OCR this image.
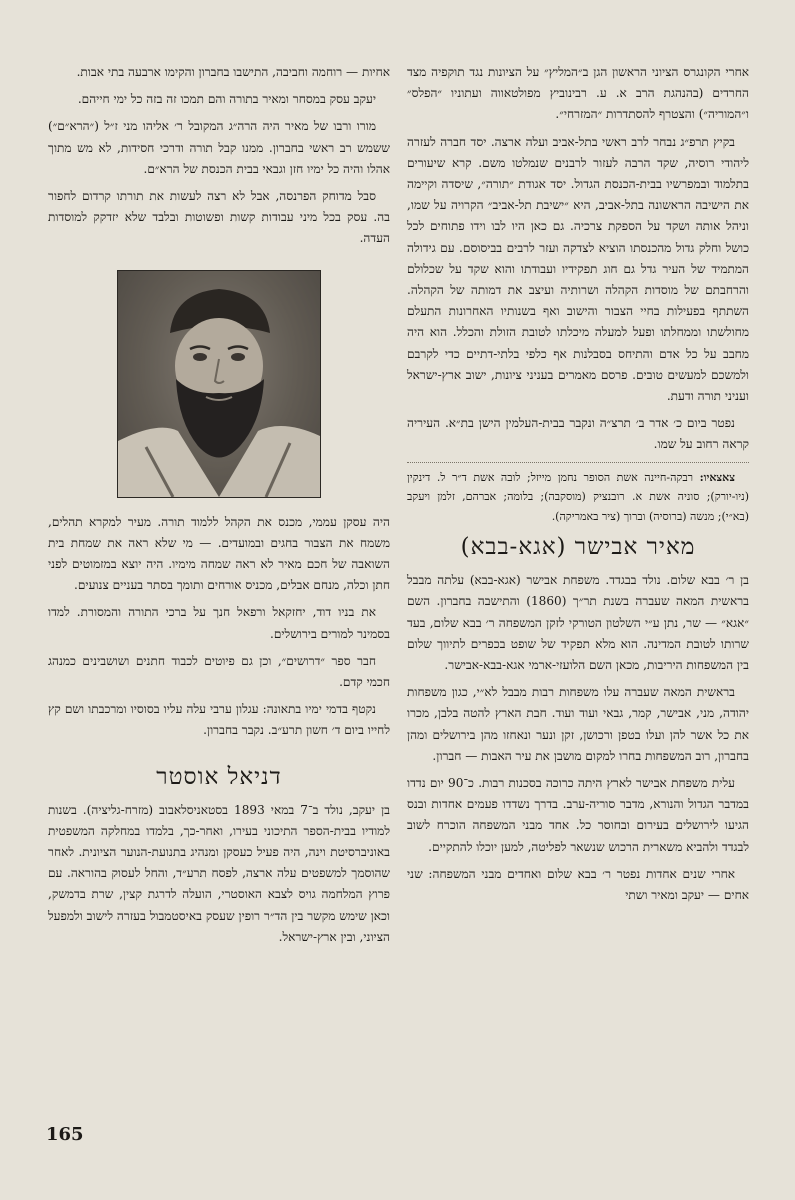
אחרי הקונגרס הציוני הראשון הגן ב״המליץ״ על הציונות נגד תוקפיה מצד החרדים (בהנהגת הרב א. ע. רבינוביץ מפולטאווה ועתוניו ״הפלס״ ו״המוריה״) והצטרף להסתדרות ״המזרחי״.

בקיץ תרפ״ג נבחר לרב ראשי בתל-אביב ועלה ארצה. יסד חברה לעזרה ליהודי רוסיה, שקד הרבה לעזור לרבנים שנמלטו משם. קרא שיעורים בתלמוד ובמפרשיו בבית-הכנסת הגדול. יסד אגודת ״תורה״, שיסדה וקיימה את הישיבה הראשונה בתל-אביב, היא ״ישיבת תל-אביב״ הקרויה על שמו, וניהל אותה ושקד על הספקת צרכיה. גם כאן היו לבו וידו פתוחים לכל כושל וחלק גדול מהכנסתו הוציא לצדקה ועזר לרבים בביסוסם. עם גידולה המתמיד של העיר גדל גם חוג תפקידיו ועבודתו והוא שקד על שכלולם והרחבתם של מוסדות הקהלה ושרותיה ועיצב את דמותה של הקהלה. השתתף בפעילות בחיי הצבור והישוב ואף בשנותיו האחרונות התעלם מחולשתו וממחלתו ופעל למעלה מיכלתו לטובת הזולת והכלל. הוא היה מחבב על כל אדם והתיחס בסבלנות אף כלפי בלתי-דתיים כדי לקרבם ולמשכם למעשים טובים. פרסם מאמרים בעניני ציונות, ישוב ארץ-ישראל ועניני תורה ודעת.

נפטר ביום כ׳ אדר ב׳ תרצ״ה ונקבר בבית-העלמין הישן בת״א. העיריה קראה רחוב על שמו.

צאצאיו: רבקה-חיינה אשת הסופר נחמן מייזל; לובה אשת ד״ר ל. דינקין (ניו-יורק); סוניה אשת א. רובנציק (מוסקבה); בלומה; אברהם, זלמן ויעקב (בא״י); מנשה (ברוסיה) וברוך (ציר באמריקה).

מאיר אבישר (אגא-בבא)

בן ר׳ בבא שלום. נולד בבגדד. משפחת אבישר (אגא-בבא) עלתה מבבל בראשית המאה שעברה בשנת תר״ך (1860) והתישבה בחברון. השם ״אגא״ — שר, נתן ע״י השלטון הטורקי לזקן המשפחה ר׳ בבא שלום, בעד שרותו לטובת המדינה. הוא מלא תפקיד של שופט בכפרים לתיווך שלום בין המשפחות היריבות, מכאן השם הלועזי-ארמי אגא-בבא-אבישר.

בראשית המאה שעברה עלו משפחות רבות מבבל לא״י, כגון משפחות יהודה, מני, אבישר, קמר, גבאי ועוד ועוד. חבת הארץ להטה בלבן, מכרו את כל אשר להן ועלו בטפן ורכושן, זקן ונער ונאחזו מהן בירושלים ומהן בחברון, רוב המשפחות בחרו למקום מושבן את עיר האבות — חברון.

עלית משפחת אבישר לארץ היתה כרוכה בסכנות רבות. כ־90 יום נדדו במדבר הגדול והנורא, מדבר סוריה-ערב. בדרך נשדדו פעמים אחדות ובנס הגיעו לירושלים בעירום ובחוסר כל. אחד מבני המשפחה הוכרח לשוב לבגדד ולהביא משארית הרכוש שנשאר לפליטה, למען יוכלו להתקיים.

אחרי שנים אחדות נפטר ר׳ בבא שלום ואחדים מבני המשפחה: שני אחים — יעקב ומאיר ושתי

אחיות — רוחמה וחביבה, התישבו בחברון והקימו ארבעה בתי אבות.

יעקב עסק במסחר ומאיר בתורה והם תמכו זה בזה כל ימי חייהם.

מורו ורבו של מאיר היה הרה״ג המקובל ר׳ אליהו מני ז״ל (״הרא״ם״) ששמש רב ראשי בחברון. ממנו קבל תורה ודרכי חסידות, לא מש מתוך אהלו והיה כל ימיו חזן וגבאי בבית הכנסת של הרא״ם.

סבל מדוחק הפרנסה, אבל לא רצה לעשות את תורתו קרדום לחפור בה. עסק בכל מיני עבודות קשות ופשוטות ובלבד שלא יזדקק למוסדות העדה.

היה עסקן עממי, מכנס את הקהל ללמוד תורה. מעיר למקרא תהלים, משמח את הצבור בחגים ובמועדים. — מי שלא ראה את שמחת בית השואבה של חכם מאיר לא ראה שמחה מימיו. היה יוצא במזמוטים לפני חתן וכלה, מנחם אבלים, מכניס אורחים ותומך בסתר בעניים צנועים.

את בניו דוד, יחזקאל ורפאל חנך על ברכי התורה והמסורת. למדו בסמינר למורים בירושלים.

חבר ספר ״דרושים״, וכן גם פיוטים לכבוד חתנים ושושבינים כמנהג חכמי קדם.

נקטף בדמי ימיו בתאונה: עגלון ערבי עלה עליו בסוסיו ומרכבתו ושם קץ לחייו ביום ד׳ חשון תרע״ב. נקבר בחברון.

דניאל אוסטר

בן יעקב, נולד ב־7 במאי 1893 בסטאניסלאבוב (מזרח-גליציה). בשנות למודיו בבית-הספר התיכוני בעירו, ואחר-כך, בלמדו במחלקה המשפטית באוניברסיטת וינה, היה פעיל כעסקן ומנהיג בתנועת-הנוער הציונית. לאחר שהוסמך למשפטים עלה ארצה, לפסח תרע״ד, והחל לעסוק בהוראה. עם פרוץ המלחמה גויס לצבא האוסטרי, הועלה לדרגת קצין, שרת בדמשק, וכאן שימש מקשר בין הד״ר רופין שעסק באיסטמבול בעזרה לישוב ולמפעל הציוני, ובין ארץ-ישראל.

165
